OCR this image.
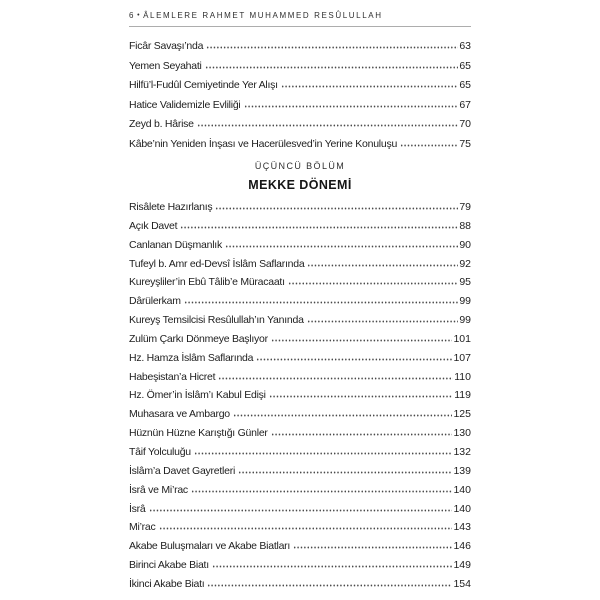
6 • ÂLEMLERE RAHMET MUHAMMED RESÛLULLAH
Ficâr Savaşı’nda	63
Yemen Seyahati	65
Hilfü’l-Fudûl Cemiyetinde Yer Alışı	65
Hatice Validemizle Evliliği	67
Zeyd b. Hârise	70
Kâbe’nin Yeniden İnşası ve Hacerülesved’in Yerine Konuluşu	75
ÜÇÜNCÜ BÖLÜM
MEKKE DÖNEMİ
Risâlete Hazırlanış	79
Açık Davet	88
Canlanan Düşmanlık	90
Tufeyl b. Amr ed-Devsî İslâm Saflarında	92
Kureyşliler’in Ebû Tâlib’e Müracaatı	95
Dârülerkam	99
Kureyş Temsilcisi Resûlullah’ın Yanında	99
Zulüm Çarkı Dönmeye Başlıyor	101
Hz. Hamza İslâm Saflarında	107
Habeşistan’a Hicret	110
Hz. Ömer’in İslâm’ı Kabul Edişi	119
Muhasara ve Ambargo	125
Hüznün Hüzne Karıştığı Günler	130
Tâif Yolculuğu	132
İslâm’a Davet Gayretleri	139
İsrâ ve Mi’rac	140
İsrâ	140
Mi’rac	143
Akabe Buluşmaları ve Akabe Biatları	146
Birinci Akabe Biatı	149
İkinci Akabe Biatı	154
